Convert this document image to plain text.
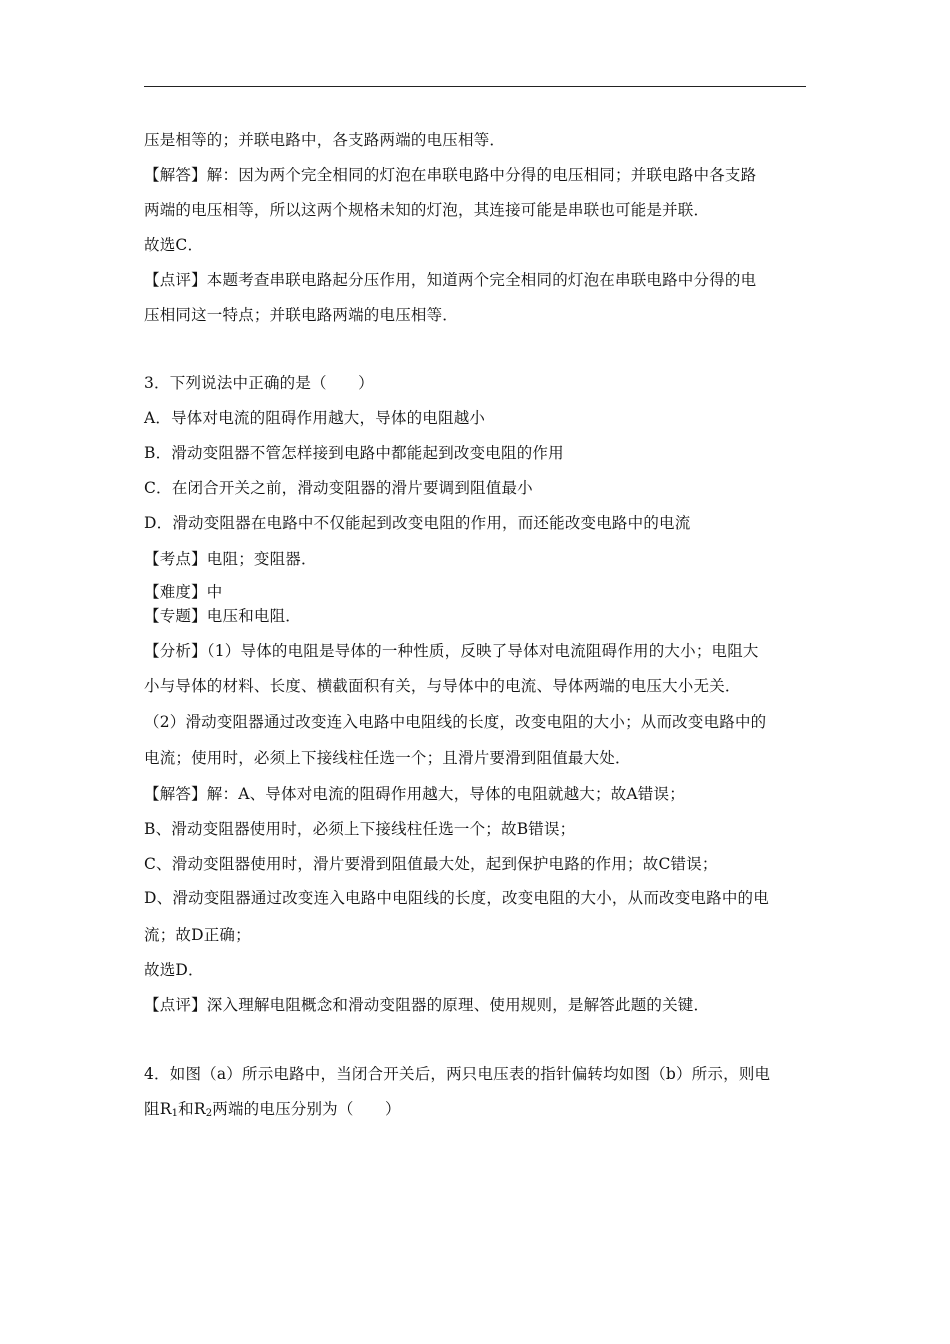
压是相等的；并联电路中，各支路两端的电压相等．
【解答】解：因为两个完全相同的灯泡在串联电路中分得的电压相同；并联电路中各支路
两端的电压相等，所以这两个规格未知的灯泡，其连接可能是串联也可能是并联．
故选C．
【点评】本题考查串联电路起分压作用，知道两个完全相同的灯泡在串联电路中分得的电
压相同这一特点；并联电路两端的电压相等．
3．下列说法中正确的是（　　）
A．导体对电流的阻碍作用越大，导体的电阻越小
B．滑动变阻器不管怎样接到电路中都能起到改变电阻的作用
C．在闭合开关之前，滑动变阻器的滑片要调到阻值最小
D．滑动变阻器在电路中不仅能起到改变电阻的作用，而还能改变电路中的电流
【考点】电阻；变阻器．
【难度】中
【专题】电压和电阻．
【分析】（1）导体的电阻是导体的一种性质，反映了导体对电流阻碍作用的大小；电阻大
小与导体的材料、长度、横截面积有关，与导体中的电流、导体两端的电压大小无关．
（2）滑动变阻器通过改变连入电路中电阻线的长度，改变电阻的大小；从而改变电路中的
电流；使用时，必须上下接线柱任选一个；且滑片要滑到阻值最大处．
【解答】解：A、导体对电流的阻碍作用越大，导体的电阻就越大；故A错误；
B、滑动变阻器使用时，必须上下接线柱任选一个；故B错误；
C、滑动变阻器使用时，滑片要滑到阻值最大处，起到保护电路的作用；故C错误；
D、滑动变阻器通过改变连入电路中电阻线的长度，改变电阻的大小，从而改变电路中的电
流；故D正确；
故选D．
【点评】深入理解电阻概念和滑动变阻器的原理、使用规则，是解答此题的关键．
4．如图（a）所示电路中，当闭合开关后，两只电压表的指针偏转均如图（b）所示，则电
阻$R_1$和$R_2$两端的电压分别为（　　）
